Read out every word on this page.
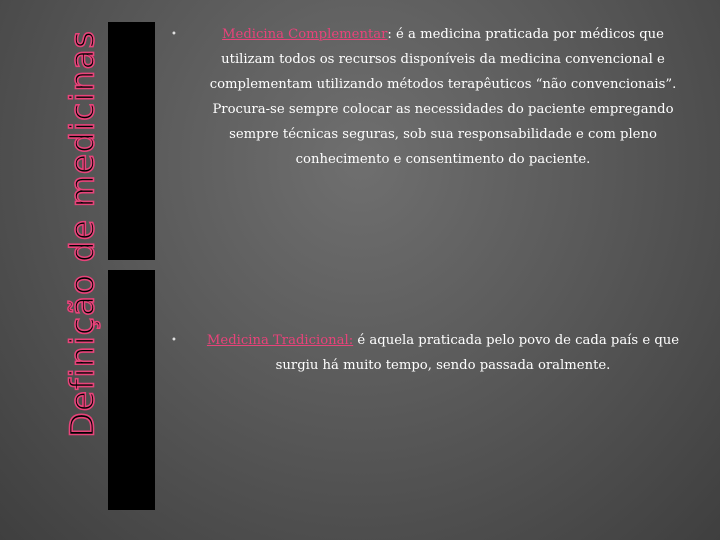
Definição de medicinas	•	Medicina Complementar: é a medicina praticada por médicos que utilizam todos os recursos disponíveis da medicina convencional e complementam utilizando métodos terapêuticos “não convencionais”. Procura-se sempre colocar as necessidades do paciente empregando sempre técnicas seguras, sob sua responsabilidade e com pleno conhecimento e consentimento do paciente.
•	Medicina Tradicional: é aquela praticada pelo povo de cada país e que surgiu há muito tempo, sendo passada oralmente.
